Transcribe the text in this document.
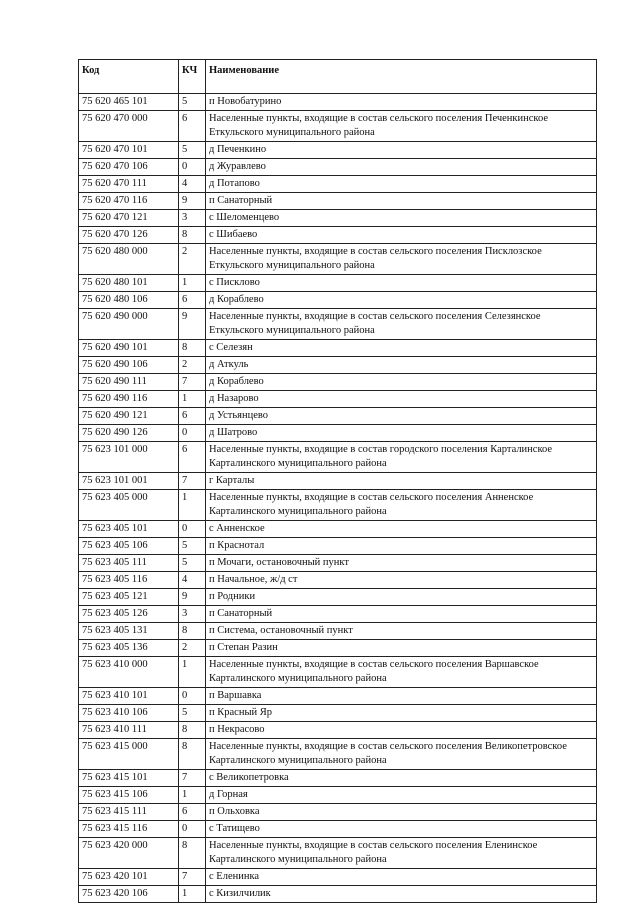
Код	КЧ	Наименование
75 620 465 101	5	п Новобатурино
75 620 470 000	6	Населенные пункты, входящие в состав сельского поселения Печенкинское Еткульского муниципального района
75 620 470 101	5	д Печенкино
75 620 470 106	0	д Журавлево
75 620 470 111	4	д Потапово
75 620 470 116	9	п Санаторный
75 620 470 121	3	с Шеломенцево
75 620 470 126	8	с Шибаево
75 620 480 000	2	Населенные пункты, входящие в состав сельского поселения Писклозское Еткульского муниципального района
75 620 480 101	1	с Писклово
75 620 480 106	6	д Кораблево
75 620 490 000	9	Населенные пункты, входящие в состав сельского поселения Селезянское Еткульского муниципального района
75 620 490 101	8	с Селезян
75 620 490 106	2	д Аткуль
75 620 490 111	7	д Кораблево
75 620 490 116	1	д Назарово
75 620 490 121	6	д Устьянцево
75 620 490 126	0	д Шатрово
75 623 101 000	6	Населенные пункты, входящие в состав городского поселения Карталинское Карталинского муниципального района
75 623 101 001	7	г Карталы
75 623 405 000	1	Населенные пункты, входящие в состав сельского поселения Анненское Карталинского муниципального района
75 623 405 101	0	с Анненское
75 623 405 106	5	п Краснотал
75 623 405 111	5	п Мочаги, остановочный пункт
75 623 405 116	4	п Начальное, ж/д ст
75 623 405 121	9	п Родники
75 623 405 126	3	п Санаторный
75 623 405 131	8	п Система, остановочный пункт
75 623 405 136	2	п Степан Разин
75 623 410 000	1	Населенные пункты, входящие в состав сельского поселения Варшавское Карталинского муниципального района
75 623 410 101	0	п Варшавка
75 623 410 106	5	п Красный Яр
75 623 410 111	8	п Некрасово
75 623 415 000	8	Населенные пункты, входящие в состав сельского поселения Великопетровское Карталинского муниципального района
75 623 415 101	7	с Великопетровка
75 623 415 106	1	д Горная
75 623 415 111	6	п Ольховка
75 623 415 116	0	с Татищево
75 623 420 000	8	Населенные пункты, входящие в состав сельского поселения Еленинское Карталинского муниципального района
75 623 420 101	7	с Еленинка
75 623 420 106	1	с Кизилчилик
